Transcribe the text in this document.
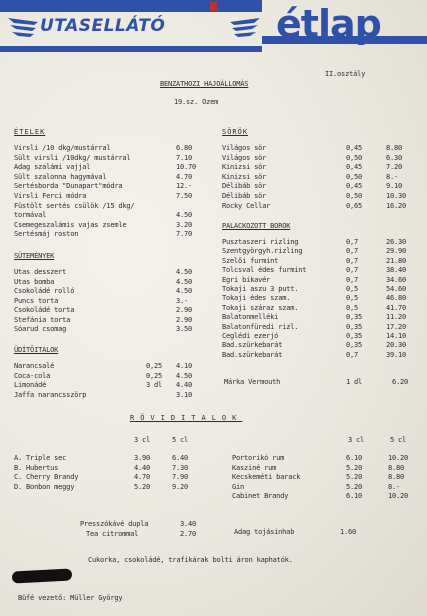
UTASELLÁTÓ	étlap
BENZATHOZI HAJOÁLLOMÁS
II.osztály
19.sz. Ozem
ÉTELEK
Virsli /10 dkg/mustárral	6.80
Sült virsli /10dkg/ mustárral	7.10
Adag szalámi vajjal	10.70
Sült szalonna hagymával	4.70
Sertésborda "Dunapart"módra	12.-
Virsli Ferci módra	7.50
Füstölt sertés csülök /15 dkg/
tormával	4.50
Csemegeszalámis vajas zsemle	3.20
Sertésmáj roston	7.70
SÜTEMÉNYEK
Utas desszert	4.50
Utas bomba	4.50
Csokoládé rolló	4.50
Puncs torta	3.-
Csokoládé torta	2.90
Stefánia torta	2.90
Sóarud csomag	3.50
ÜDÍTŐITALOK
Narancsalé	0,25 4.10
Coca-cola	0,25 4.50
Limonádé	3 dl 4.40
Jaffa narancsszörp	3.10
SÖRÖK
Világos sör	0,45	8.80
Világos sör	0,50	6.30
Kinizsi sör	0,45	7.20
Kinizsi sör	0,50	8.-
Délibáb sör	0,45	9.10
Délibáb sör	0,50	10.30
Rocky Cellar	0,65	16.20
PALACKOZOTT BOROK
Pusztaszeri rizling	0,7	26.30
Szentgyörgyh.rizling	0,7	29.90
Szelői furmint	0,7	21.80
Tolcsval édes furmint	0,7	38.40
Egri bikavér	0,7	34.60
Tokaji aszu 3 putt.	0,5	54.60
Tokaji édes szam.	0,5	46.80
Tokaji száraz szam.	0,5	41.70
Balatonmelléki	0,35	11.20
Balatonfüredi rizl.	0,35	17.20
Ceglédi ezerjó	0,35	14.10
Bad.szürkebarát	0,35	20.30
Bad.szürkebarát	0,7	39.10
Márka Vermouth	1 dl	6.20
RÖVIDITALOK
3 cl	5 cl	3 cl	5 cl
A. Triple sec	3.90	6.40
B. Hubertus	4.40	7.30
C. Cherry Brandy	4.70	7.90
D. Bonbon meggy	5.20	9.20
Portorikó rum	6.10	10.20
Kasziné rum	5.20	8.80
Kecskeméti barack	5.20	8.80
Gin	5.20	8.-
Cabinet Brandy	6.10	10.20
Presszókávé dupla	3.40
Tea citrommal	2.70	Adag tojásinhab	1.60
Cukorka, csokoládé, trafikárak bolti áron kaphatók.
Büfé vezető: Müller György
